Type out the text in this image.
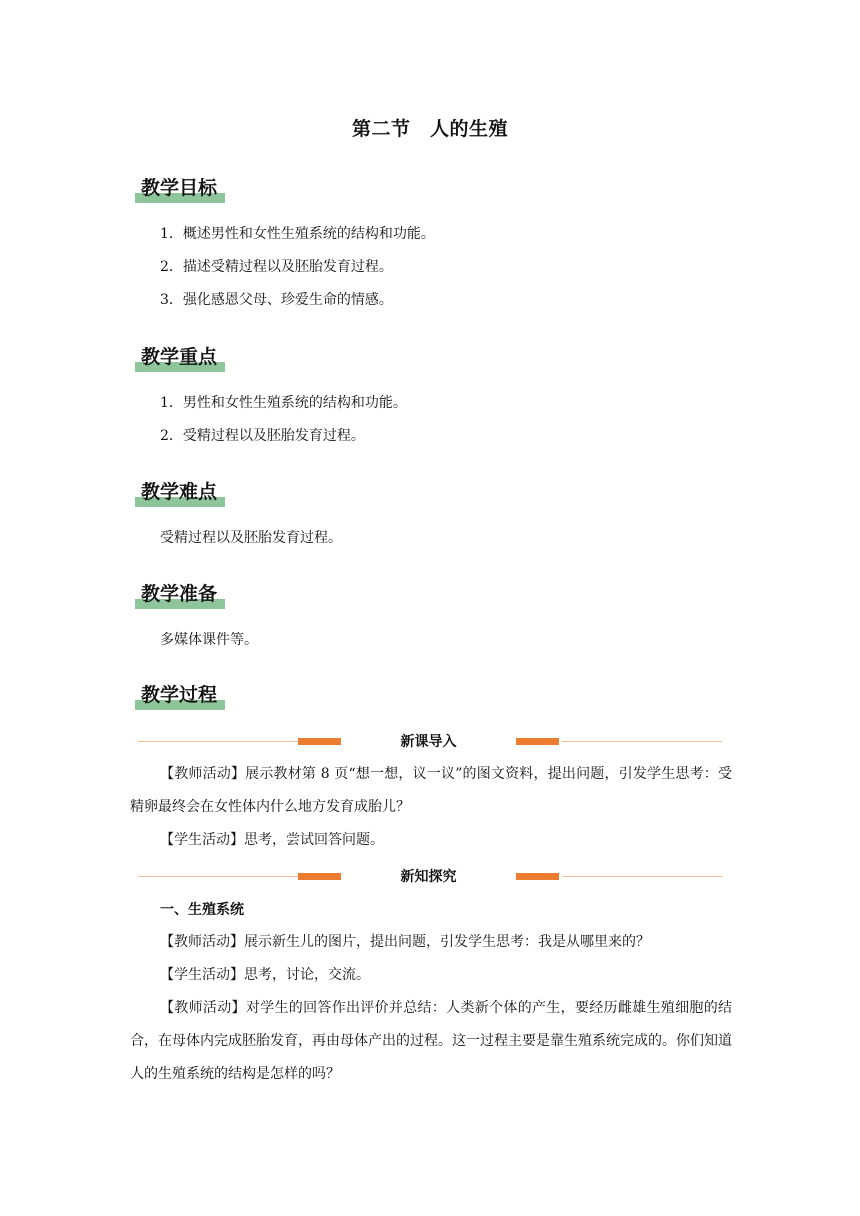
第二节　人的生殖
教学目标
1．概述男性和女性生殖系统的结构和功能。
2．描述受精过程以及胚胎发育过程。
3．强化感恩父母、珍爱生命的情感。
教学重点
1．男性和女性生殖系统的结构和功能。
2．受精过程以及胚胎发育过程。
教学难点
受精过程以及胚胎发育过程。
教学准备
多媒体课件等。
教学过程
新课导入
【教师活动】展示教材第 8 页“想一想，议一议”的图文资料，提出问题，引发学生思考：受精卵最终会在女性体内什么地方发育成胎儿？
【学生活动】思考，尝试回答问题。
新知探究
一、生殖系统
【教师活动】展示新生儿的图片，提出问题，引发学生思考：我是从哪里来的？
【学生活动】思考，讨论，交流。
【教师活动】对学生的回答作出评价并总结：人类新个体的产生，要经历雌雄生殖细胞的结合，在母体内完成胚胎发育，再由母体产出的过程。这一过程主要是靠生殖系统完成的。你们知道人的生殖系统的结构是怎样的吗？
